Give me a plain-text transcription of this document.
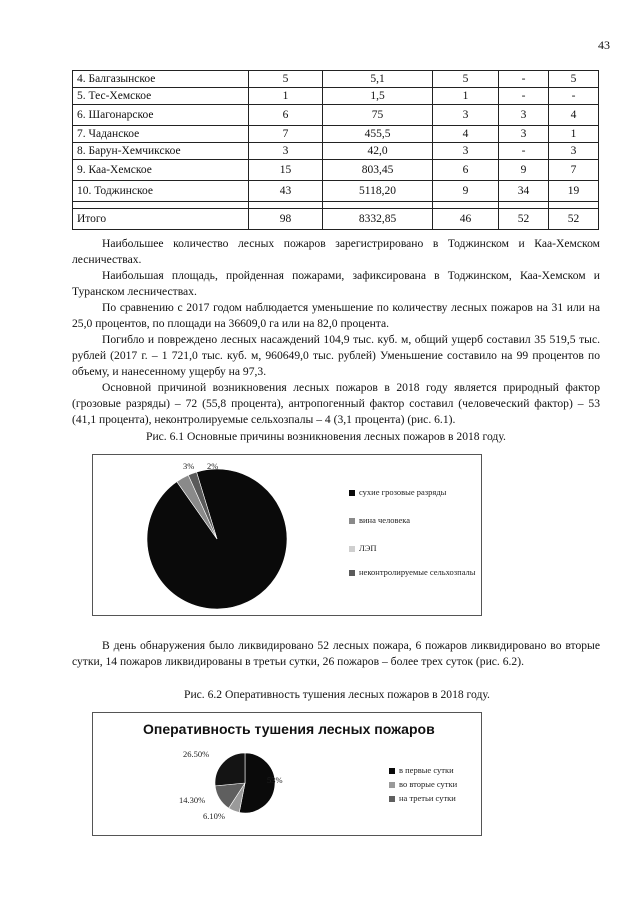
43
4. Балгазынское	5	5,1	5	-	5
5. Тес-Хемское	1	1,5	1	-	-
6. Шагонарское	6	75	3	3	4
7. Чаданское	7	455,5	4	3	1
8. Барун-Хемчикское	3	42,0	3	-	3
9. Каа-Хемское	15	803,45	6	9	7
10. Тоджинское	43	5118,20	9	34	19

Итого	98	8332,85	46	52	52

Наибольшее количество лесных пожаров зарегистрировано в Тоджинском и Каа-Хемском лесничествах.

Наибольшая площадь, пройденная пожарами, зафиксирована в Тоджинском, Каа-Хемском и Туранском лесничествах.

По сравнению с 2017 годом наблюдается уменьшение по количеству лесных пожаров на 31 или на 25,0 процентов, по площади на 36609,0 га или на 82,0 процента.

Погибло и повреждено лесных насаждений 104,9 тыс. куб. м, общий ущерб составил 35 519,5 тыс. рублей (2017 г. – 1 721,0 тыс. куб. м, 960649,0 тыс. рублей) Уменьшение составило на 99 процентов по объему, и нанесенному ущербу на 97,3.

Основной причиной возникновения лесных пожаров в 2018 году является природный фактор (грозовые разряды) – 72 (55,8 процента), антропогенный фактор составил (человеческий фактор) – 53 (41,1 процента), неконтролируемые сельхозпалы – 4 (3,1 процента) (рис. 6.1).

Рис. 6.1 Основные причины возникновения лесных пожаров в 2018 году.
сухие грозовые разряды
вина человека
ЛЭП
неконтролируемые сельхозпалы
3% 2%

В день обнаружения было ликвидировано 52 лесных пожара, 6 пожаров ликвидировано во вторые сутки, 14 пожаров ликвидированы в третьи сутки, 26 пожаров – более трех суток (рис. 6.2).

Рис. 6.2 Оперативность тушения лесных пожаров в 2018 году.
Оперативность тушения лесных пожаров
в первые сутки
во вторые сутки
на третьи сутки
53%
6.10%
14.30%
26.50%
